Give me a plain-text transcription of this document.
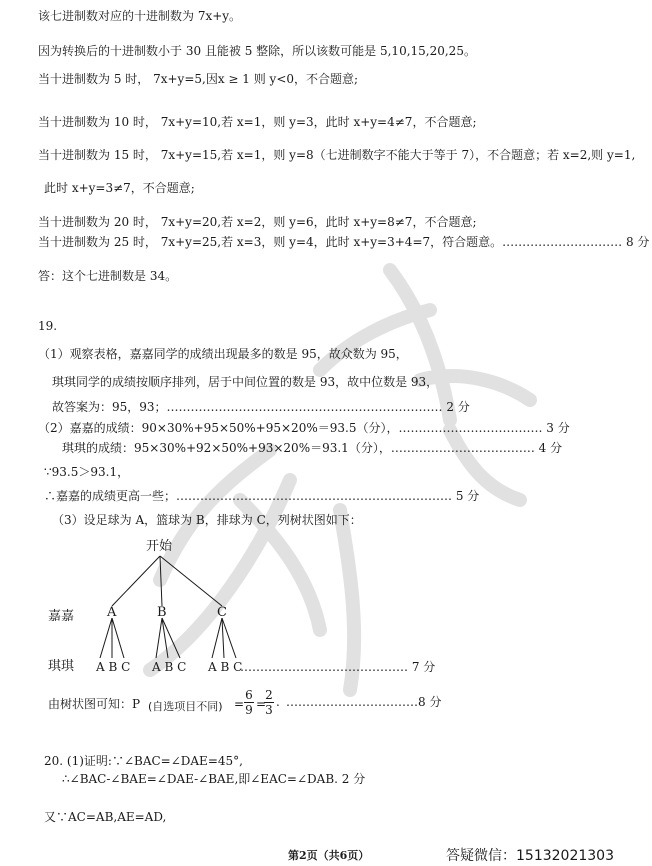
该七进制数对应的十进制数为 7x+y。
因为转换后的十进制数小于 30 且能被 5 整除，所以该数可能是 5,10,15,20,25。
当十进制数为 5 时， 7x+y=5,因x ≥ 1 则 y<0，不合题意;
当十进制数为 10 时， 7x+y=10,若 x=1，则 y=3，此时 x+y=4≠7，不合题意;
当十进制数为 15 时， 7x+y=15,若 x=1，则 y=8（七进制数字不能大于等于 7），不合题意；若 x=2,则 y=1,
此时 x+y=3≠7，不合题意;
当十进制数为 20 时， 7x+y=20,若 x=2，则 y=6，此时 x+y=8≠7，不合题意;
当十进制数为 25 时， 7x+y=25,若 x=3，则 y=4，此时 x+y=3+4=7，符合题意。………………………… 8 分
答：这个七进制数是 34。
19.
（1）观察表格，嘉嘉同学的成绩出现最多的数是 95，故众数为 95，
琪琪同学的成绩按顺序排列，居于中间位置的数是 93，故中位数是 93，
故答案为：95，93；…………………………………………………………… 2 分
（2）嘉嘉的成绩：90×30%+95×50%+95×20%＝93.5（分），……………………………… 3 分
琪琪的成绩：95×30%+92×50%+93×20%＝93.1（分），……………………………… 4 分
∵93.5＞93.1，
∴嘉嘉的成绩更高一些；…………………………………………………………… 5 分
（3）设足球为 A，篮球为 B，排球为 C，列树状图如下：
开始
嘉嘉
琪琪
A	B	C
A B C A B C A B C
…………………………………… 7 分
由树状图可知：P (自选项目不同) =
6
9 =
2
3
. ……………………………8 分
20. (1)证明:∵∠BAC=∠DAE=45°,
∴∠BAC-∠BAE=∠DAE-∠BAE,即∠EAC=∠DAB. 2 分
又∵AC=AB,AE=AD,
第2页（共6页）	答疑微信：15132021303
